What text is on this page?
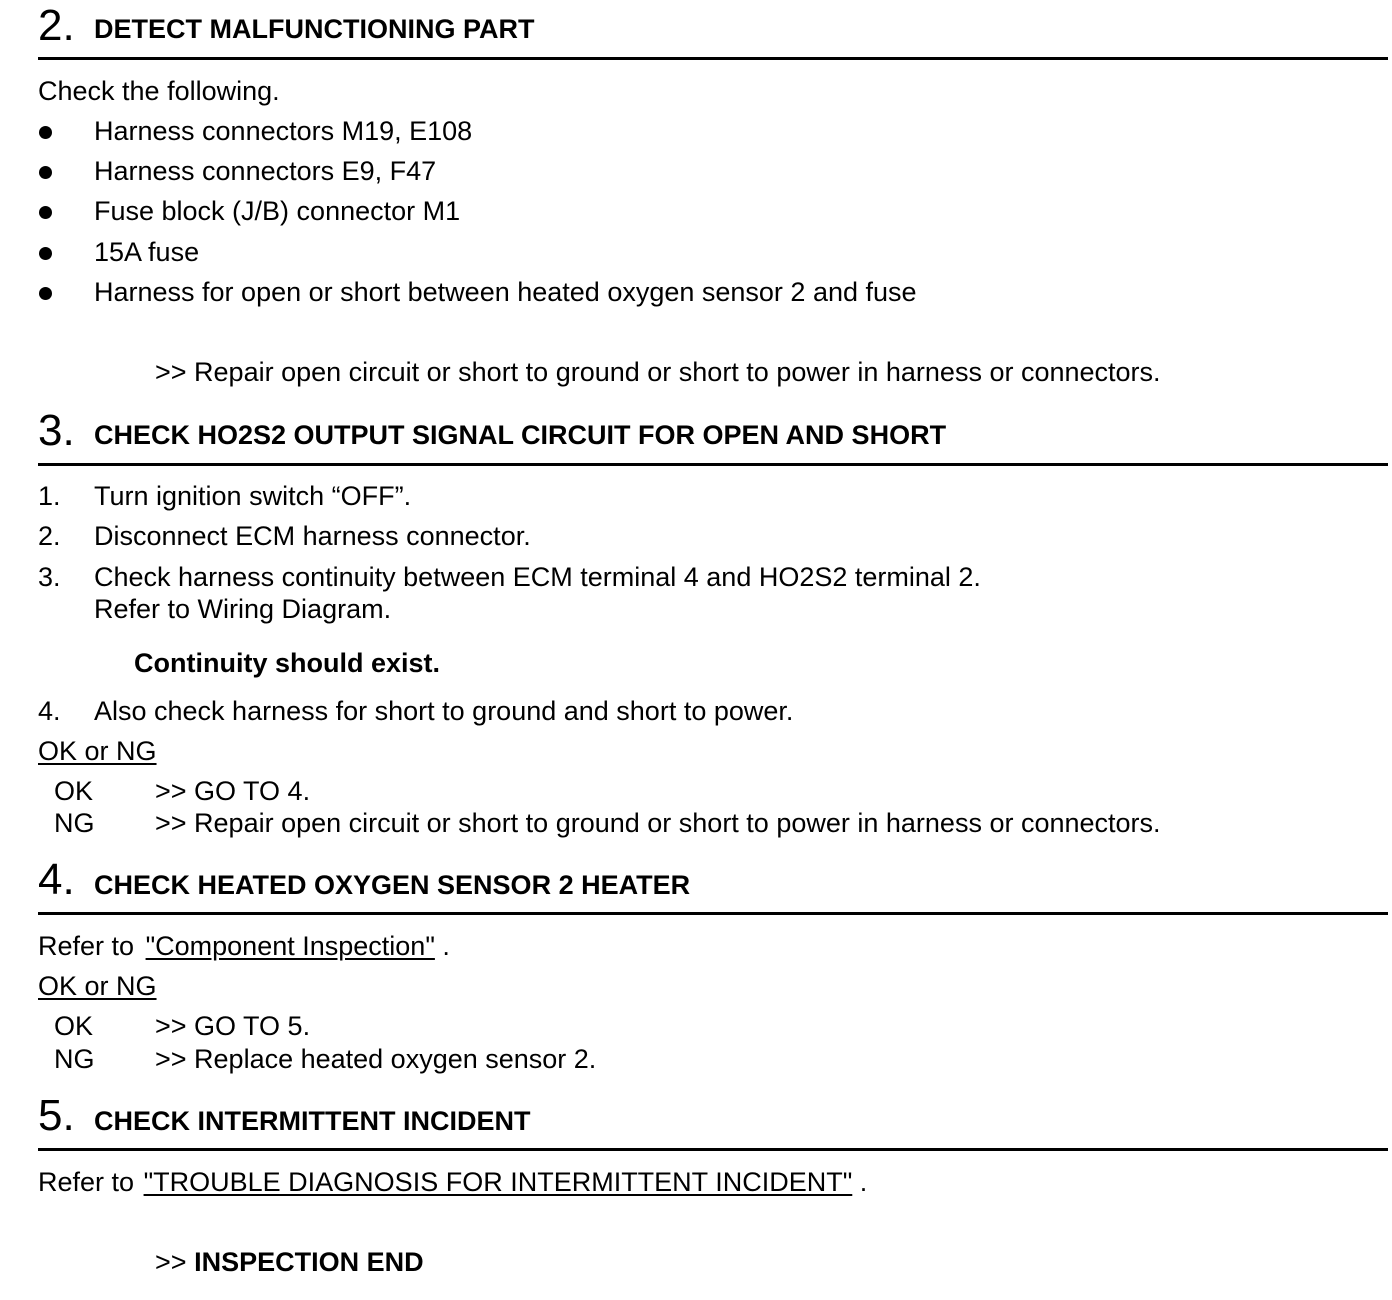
2. DETECT MALFUNCTIONING PART
Check the following.
Harness connectors M19, E108
Harness connectors E9, F47
Fuse block (J/B) connector M1
15A fuse
Harness for open or short between heated oxygen sensor 2 and fuse
>> Repair open circuit or short to ground or short to power in harness or connectors.
3. CHECK HO2S2 OUTPUT SIGNAL CIRCUIT FOR OPEN AND SHORT
1. Turn ignition switch “OFF”.
2. Disconnect ECM harness connector.
3. Check harness continuity between ECM terminal 4 and HO2S2 terminal 2.
Refer to Wiring Diagram.
Continuity should exist.
4. Also check harness for short to ground and short to power.
OK or NG
OK >> GO TO 4.
NG >> Repair open circuit or short to ground or short to power in harness or connectors.
4. CHECK HEATED OXYGEN SENSOR 2 HEATER
Refer to "Component Inspection" .
OK or NG
OK >> GO TO 5.
NG >> Replace heated oxygen sensor 2.
5. CHECK INTERMITTENT INCIDENT
Refer to "TROUBLE DIAGNOSIS FOR INTERMITTENT INCIDENT" .
>> INSPECTION END
